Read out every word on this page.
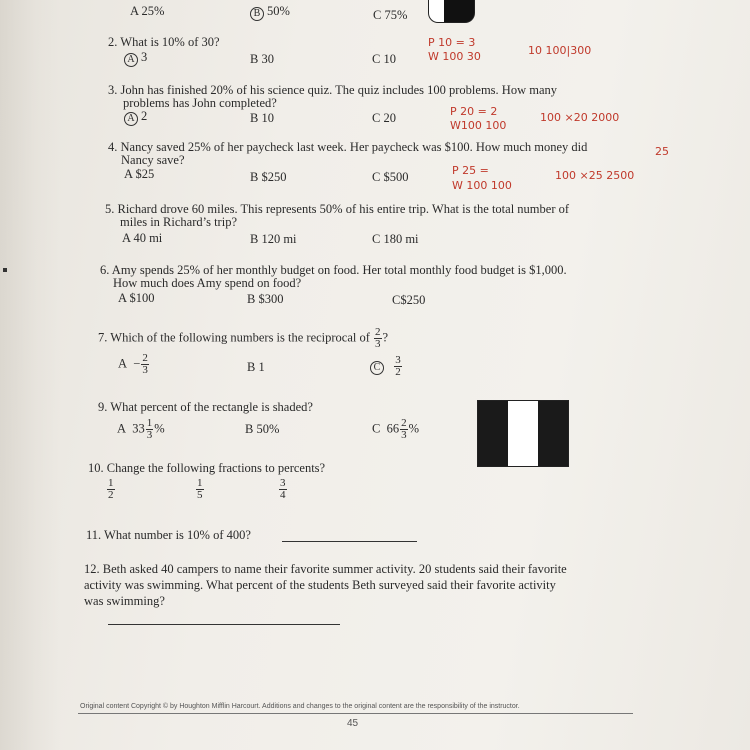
A 25%	B 50%	C 75%
2. What is 10% of 30?
A 3	B 30	C 10
P 10 = 3
W 100 30	10 100|300
3. John has finished 20% of his science quiz. The quiz includes 100 problems. How many
problems has John completed?
A 2	B 10	C 20	P 20 = 2
W100 100
100 ×20 2000
4. Nancy saved 25% of her paycheck last week. Her paycheck was $100. How much money did
Nancy save?
A $25	B $250	C $500	P 25 =
W 100 100
100 ×25 2500
25
5. Richard drove 60 miles. This represents 50% of his entire trip. What is the total number of
miles in Richard’s trip?
A 40 mi	B 120 mi	C 180 mi
6. Amy spends 25% of her monthly budget on food. Her total monthly food budget is $1,000.
How much does Amy spend on food?
A $100	B $300	C$250
7. Which of the following numbers is the reciprocal of $\frac{2}{3}$ ?
$A - \frac{2}{3}$	B 1	C $\frac{3}{2}$
9. What percent of the rectangle is shaded?
A $33 \frac{1}{3}$ %	B 50%	C $66 \frac{2}{3}$ %
10. Change the following fractions to percents?
$\frac{1}{2}$	$\frac{1}{5}$	$\frac{3}{4}$
11. What number is 10% of 400?
12. Beth asked 40 campers to name their favorite summer activity. 20 students said their favorite
activity was swimming. What percent of the students Beth surveyed said their favorite activity
was swimming?
Original content Copyright © by Houghton Mifflin Harcourt. Additions and changes to the original content are the responsibility of the instructor.
45
